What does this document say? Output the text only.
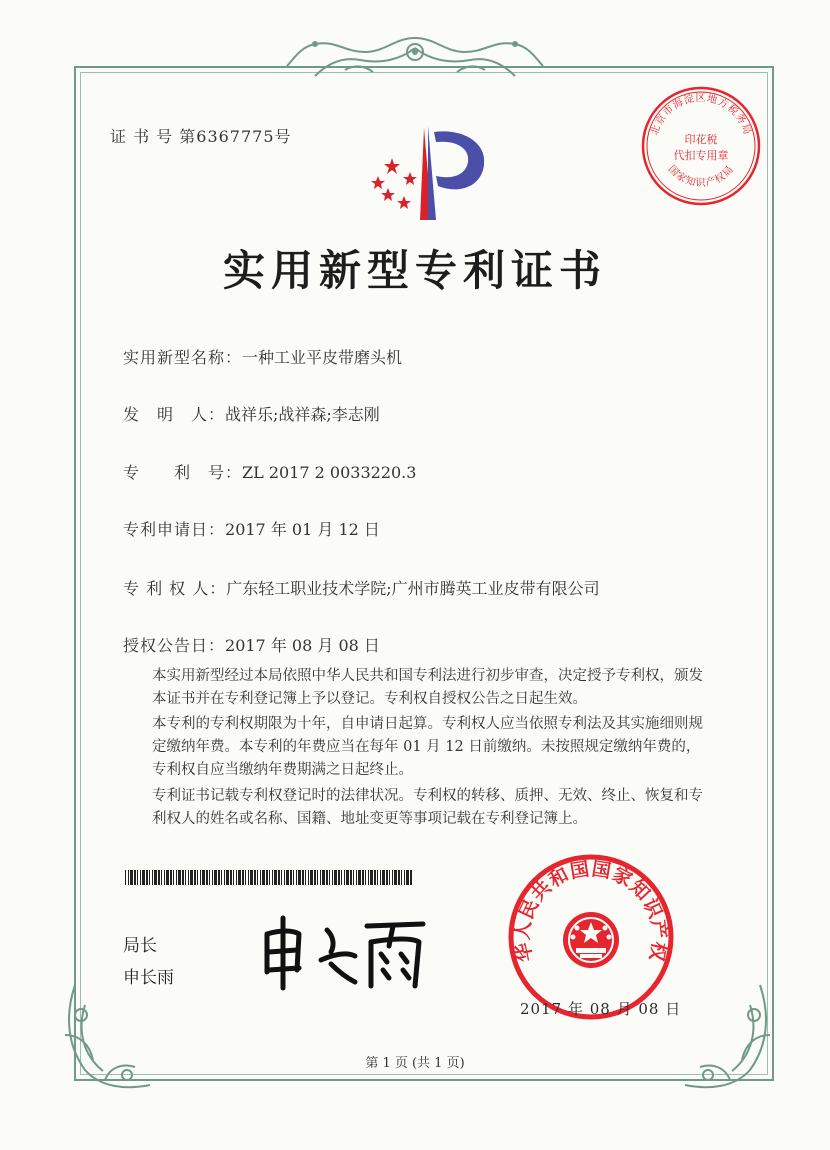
证 书 号 第6367775号	北京市海淀区地方税务局
国家知识产权局
印花税
代扣专用章
实用新型专利证书
实用新型名称：一种工业平皮带磨头机
发　明　人：战祥乐;战祥森;李志刚
专　　利　号：ZL 2017 2 0033220.3
专利申请日：2017 年 01 月 12 日
专 利 权 人：广东轻工职业技术学院;广州市腾英工业皮带有限公司
授权公告日：2017 年 08 月 08 日

本实用新型经过本局依照中华人民共和国专利法进行初步审查，决定授予专利权，颁发本证书并在专利登记簿上予以登记。专利权自授权公告之日起生效。

本专利的专利权期限为十年，自申请日起算。专利权人应当依照专利法及其实施细则规定缴纳年费。本专利的年费应当在每年 01 月 12 日前缴纳。未按照规定缴纳年费的，专利权自应当缴纳年费期满之日起终止。

专利证书记载专利权登记时的法律状况。专利权的转移、质押、无效、终止、恢复和专利权人的姓名或名称、国籍、地址变更等事项记载在专利登记簿上。

局长
申长雨
华人民共和国国家知识产权
2017 年 08 月 08 日
第 1 页 (共 1 页)
